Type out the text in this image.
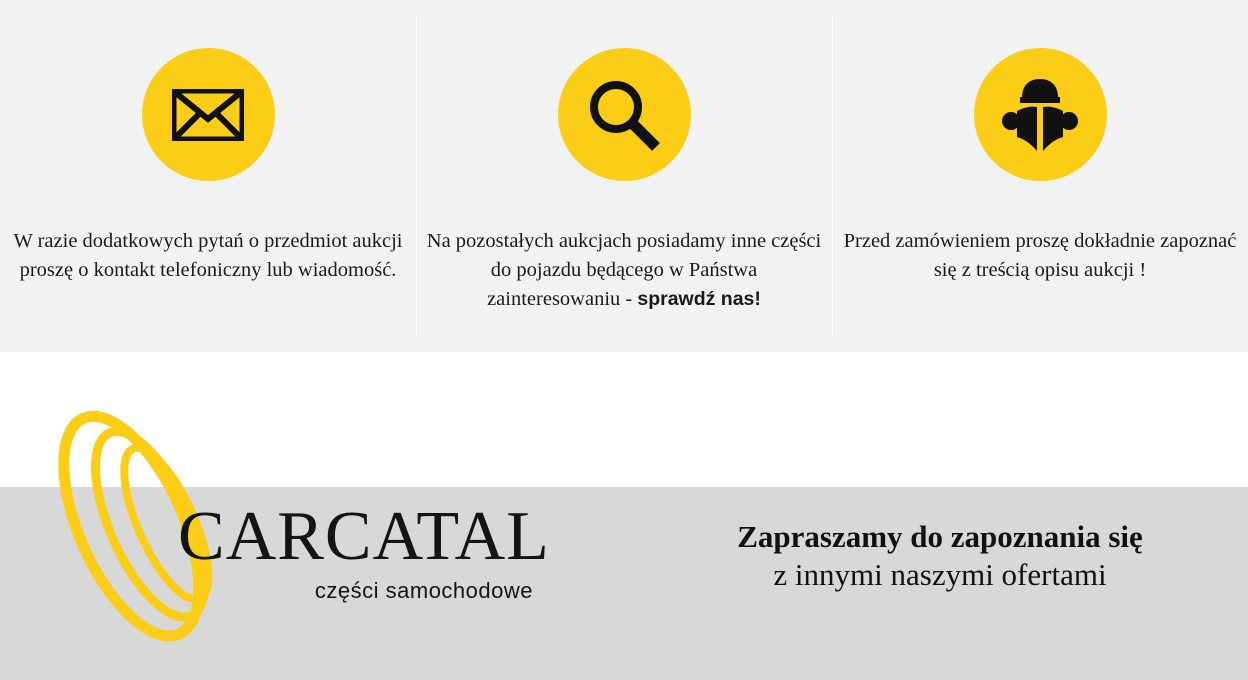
W razie dodatkowych pytań o przedmiot aukcji proszę o kontakt telefoniczny lub wiadomość.
Na pozostałych aukcjach posiadamy inne części do pojazdu będącego w Państwa zainteresowaniu - sprawdź nas!
Przed zamówieniem proszę dokładnie zapoznać się z treścią opisu aukcji !
CARCATAL
części samochodowe
Zapraszamy do zapoznania się
z innymi naszymi ofertami
